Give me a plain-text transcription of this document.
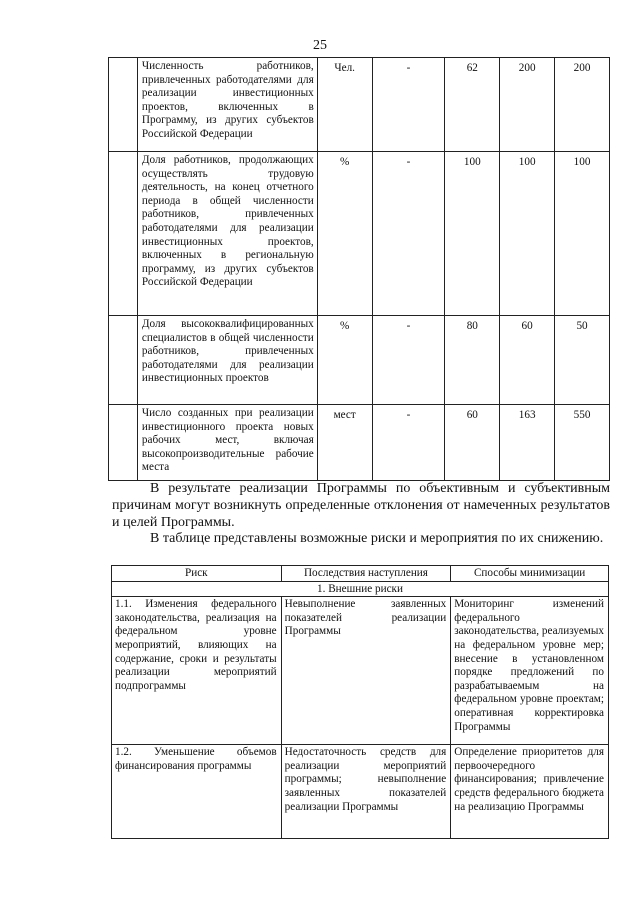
25
	Численность работников, привлеченных работодателями для реализации инвестиционных проектов, включенных в Программу, из других субъектов Российской Федерации	Чел.	-	62	200	200
	Доля работников, продолжающих осуществлять трудовую деятельность, на конец отчетного периода в общей численности работников, привлеченных работодателями для реализации инвестиционных проектов, включенных в региональную программу, из других субъектов Российской Федерации	%	-	100	100	100
	Доля высококвалифицированных специалистов в общей численности работников, привлеченных работодателями для реализации инвестиционных проектов	%	-	80	60	50
	Число созданных при реализации инвестиционного проекта новых рабочих мест, включая высокопроизводительные рабочие места	мест	-	60	163	550
В результате реализации Программы по объективным и субъективным причинам могут возникнуть определенные отклонения от намеченных результатов и целей Программы.
В таблице представлены возможные риски и мероприятия по их снижению.
Риск	Последствия наступления	Способы минимизации
1. Внешние риски		
1.1. Изменения федерального законодательства, реализация на федеральном уровне мероприятий, влияющих на содержание, сроки и результаты реализации мероприятий подпрограммы	Невыполнение заявленных показателей реализации Программы	Мониторинг изменений федерального законодательства, реализуемых на федеральном уровне мер; внесение в установленном порядке предложений по разрабатываемым на федеральном уровне проектам; оперативная корректировка Программы
1.2. Уменьшение объемов финансирования программы	Недостаточность средств для реализации мероприятий программы; невыполнение заявленных показателей реализации Программы	Определение приоритетов для первоочередного финансирования; привлечение средств федерального бюджета на реализацию Программы
